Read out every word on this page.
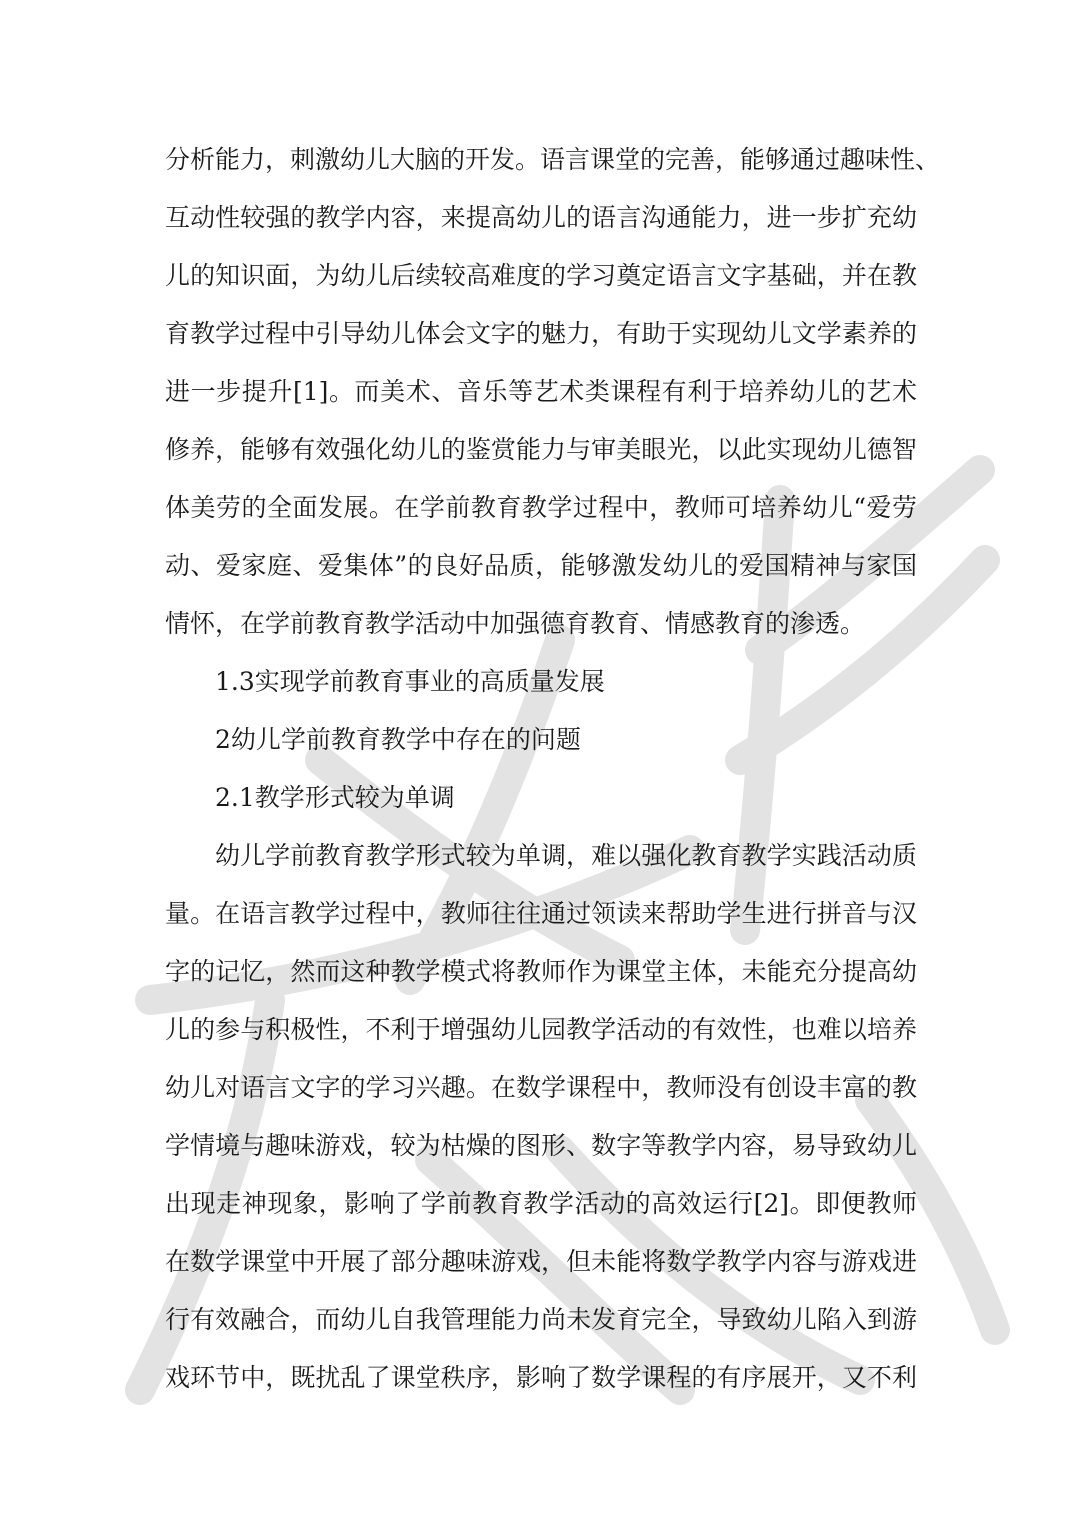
分析能力，刺激幼儿大脑的开发。语言课堂的完善，能够通过趣味性、
互动性较强的教学内容，来提高幼儿的语言沟通能力，进一步扩充幼
儿的知识面，为幼儿后续较高难度的学习奠定语言文字基础，并在教
育教学过程中引导幼儿体会文字的魅力，有助于实现幼儿文学素养的
进一步提升[1]。而美术、音乐等艺术类课程有利于培养幼儿的艺术
修养，能够有效强化幼儿的鉴赏能力与审美眼光，以此实现幼儿德智
体美劳的全面发展。在学前教育教学过程中，教师可培养幼儿“爱劳
动、爱家庭、爱集体”的良好品质，能够激发幼儿的爱国精神与家国
情怀，在学前教育教学活动中加强德育教育、情感教育的渗透。
1.3实现学前教育事业的高质量发展
2幼儿学前教育教学中存在的问题
2.1教学形式较为单调
幼儿学前教育教学形式较为单调，难以强化教育教学实践活动质
量。在语言教学过程中，教师往往通过领读来帮助学生进行拼音与汉
字的记忆，然而这种教学模式将教师作为课堂主体，未能充分提高幼
儿的参与积极性，不利于增强幼儿园教学活动的有效性，也难以培养
幼儿对语言文字的学习兴趣。在数学课程中，教师没有创设丰富的教
学情境与趣味游戏，较为枯燥的图形、数字等教学内容，易导致幼儿
出现走神现象，影响了学前教育教学活动的高效运行[2]。即便教师
在数学课堂中开展了部分趣味游戏，但未能将数学教学内容与游戏进
行有效融合，而幼儿自我管理能力尚未发育完全，导致幼儿陷入到游
戏环节中，既扰乱了课堂秩序，影响了数学课程的有序展开，又不利
